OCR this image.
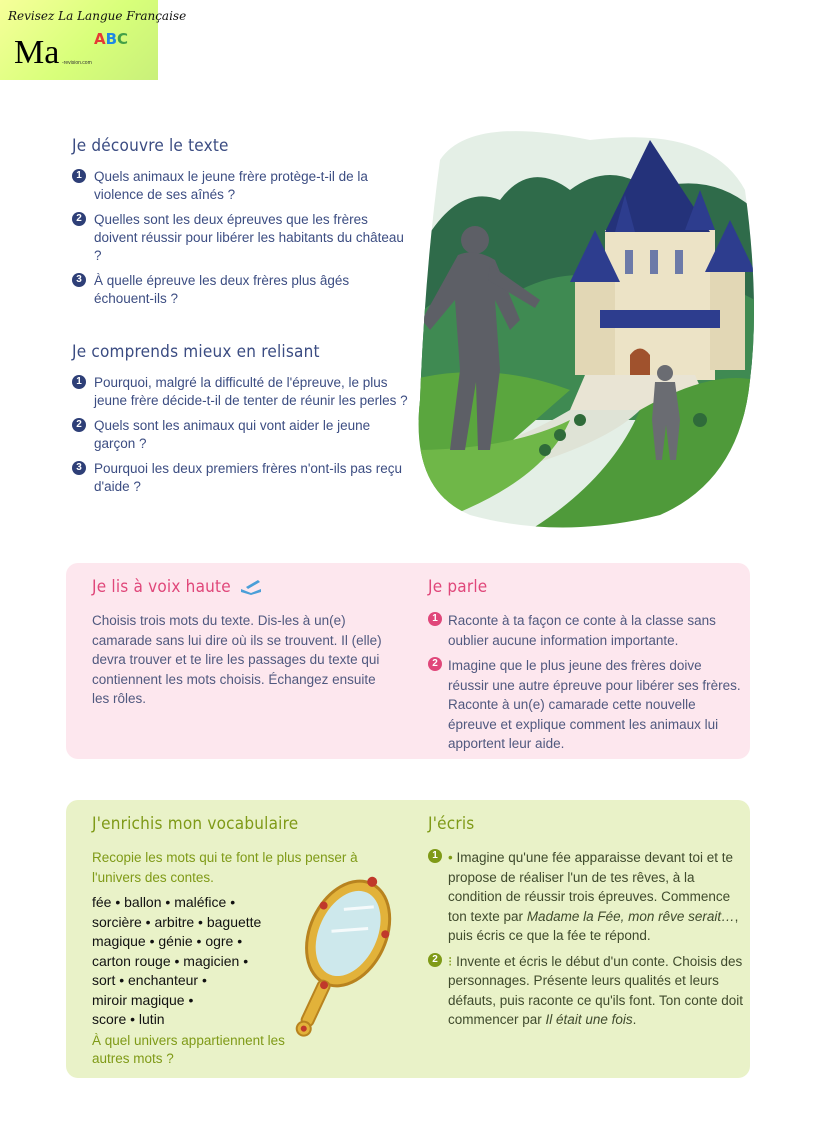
Revisez La Langue Française
Ma ABC
-revision.com
Je découvre le texte
1 Quels animaux le jeune frère protège-t-il de la violence de ses aînés ?
2 Quelles sont les deux épreuves que les frères doivent réussir pour libérer les habitants du château ?
3 À quelle épreuve les deux frères plus âgés échouent-ils ?
Je comprends mieux en relisant
1 Pourquoi, malgré la difficulté de l'épreuve, le plus jeune frère décide-t-il de tenter de réunir les perles ?
2 Quels sont les animaux qui vont aider le jeune garçon ?
3 Pourquoi les deux premiers frères n'ont-ils pas reçu d'aide ?
Je lis à voix haute
Choisis trois mots du texte. Dis-les à un(e) camarade sans lui dire où ils se trouvent. Il (elle) devra trouver et te lire les passages du texte qui contiennent les mots choisis. Échangez ensuite les rôles.
Je parle
1 Raconte à ta façon ce conte à la classe sans oublier aucune information importante.
2 Imagine que le plus jeune des frères doive réussir une autre épreuve pour libérer ses frères. Raconte à un(e) camarade cette nouvelle épreuve et explique comment les animaux lui apportent leur aide.
J'enrichis mon vocabulaire
Recopie les mots qui te font le plus penser à l'univers des contes.

fée • ballon • maléfice •

sorcière • arbitre • baguette

magique • génie • ogre •

carton rouge • magicien •

sort • enchanteur •

miroir magique •

score • lutin

À quel univers appartiennent les autres mots ?
J'écris
1 • Imagine qu'une fée apparaisse devant toi et te propose de réaliser l'un de tes rêves, à la condition de réussir trois épreuves. Commence ton texte par Madame la Fée, mon rêve serait…, puis écris ce que la fée te répond.
2 ⁝ Invente et écris le début d'un conte. Choisis des personnages. Présente leurs qualités et leurs défauts, puis raconte ce qu'ils font. Ton conte doit commencer par Il était une fois.
